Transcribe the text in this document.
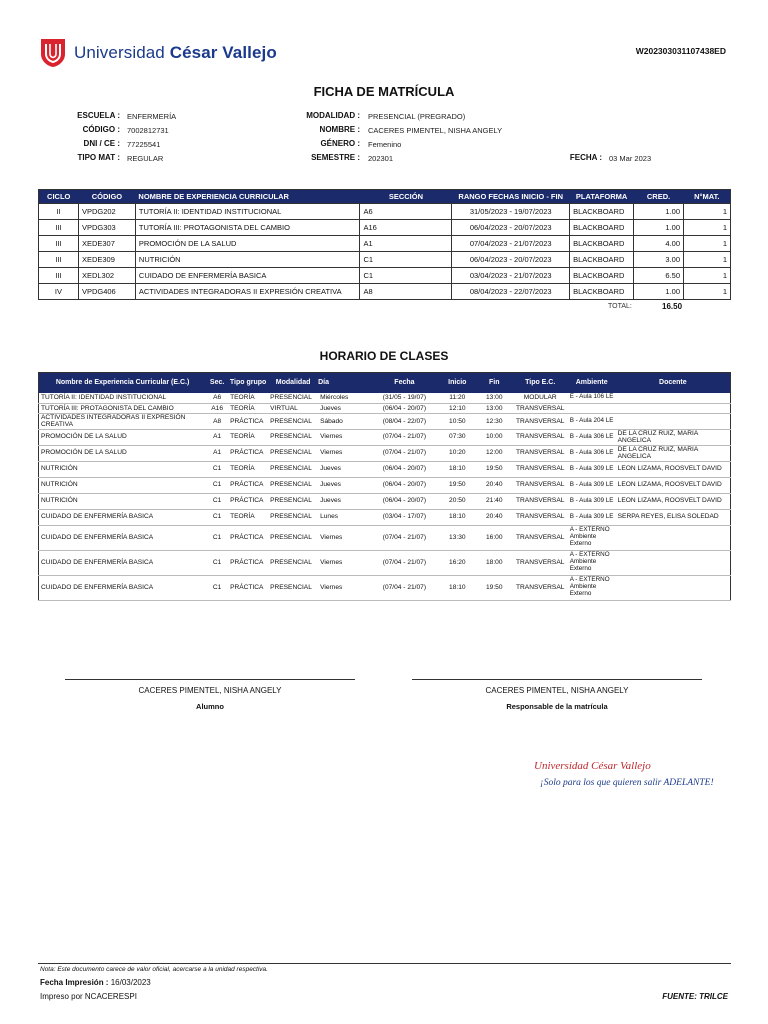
Universidad César Vallejo	W202303031107438ED
FICHA DE MATRÍCULA
ESCUELA : ENFERMERÍA
CÓDIGO : 7002812731
DNI / CE : 77225541
TIPO MAT : REGULAR
MODALIDAD : PRESENCIAL (PREGRADO)
NOMBRE : CACERES PIMENTEL, NISHA ANGELY
GÉNERO : Femenino
SEMESTRE : 202301	FECHA : 03 Mar 2023
CICLO	CÓDIGO	NOMBRE DE EXPERIENCIA CURRICULAR	SECCIÓN	RANGO FECHAS INICIO - FIN	PLATAFORMA	CRED.	N°MAT.
II	VPDG202	TUTORÍA II: IDENTIDAD INSTITUCIONAL	A6	31/05/2023 - 19/07/2023	BLACKBOARD	1.00	1
III	VPDG303	TUTORÍA III: PROTAGONISTA DEL CAMBIO	A16	06/04/2023 - 20/07/2023	BLACKBOARD	1.00	1
III	XEDE307	PROMOCIÓN DE LA SALUD	A1	07/04/2023 - 21/07/2023	BLACKBOARD	4.00	1
III	XEDE309	NUTRICIÓN	C1	06/04/2023 - 20/07/2023	BLACKBOARD	3.00	1
III	XEDL302	CUIDADO DE ENFERMERÍA BASICA	C1	03/04/2023 - 21/07/2023	BLACKBOARD	6.50	1
IV	VPDG406	ACTIVIDADES INTEGRADORAS II EXPRESIÓN CREATIVA	A8	08/04/2023 - 22/07/2023	BLACKBOARD	1.00	1
TOTAL:	16.50
HORARIO DE CLASES
Nombre de Experiencia Curricular (E.C.)	Sec.	Tipo grupo	Modalidad	Día	Fecha	Inicio	Fin	Tipo E.C.	Ambiente	Docente
TUTORÍA II: IDENTIDAD INSTITUCIONAL	A6	TEORÍA	PRESENCIAL	Miércoles	(31/05 - 19/07)	11:20	13:00	MODULAR	E - Aula 106 LE	
TUTORÍA III: PROTAGONISTA DEL CAMBIO	A16	TEORÍA	VIRTUAL	Jueves	(06/04 - 20/07)	12:10	13:00	TRANSVERSAL		
ACTIVIDADES INTEGRADORAS II EXPRESIÓN CREATIVA	A8	PRÁCTICA	PRESENCIAL	Sábado	(08/04 - 22/07)	10:50	12:30	TRANSVERSAL	B - Aula 204 LE	
PROMOCIÓN DE LA SALUD	A1	TEORÍA	PRESENCIAL	Viernes	(07/04 - 21/07)	07:30	10:00	TRANSVERSAL	B - Aula 306 LE	DE LA CRUZ RUIZ, MARIA ANGELICA
PROMOCIÓN DE LA SALUD	A1	PRÁCTICA	PRESENCIAL	Viernes	(07/04 - 21/07)	10:20	12:00	TRANSVERSAL	B - Aula 306 LE	DE LA CRUZ RUIZ, MARIA ANGELICA
NUTRICIÓN	C1	TEORÍA	PRESENCIAL	Jueves	(06/04 - 20/07)	18:10	19:50	TRANSVERSAL	B - Aula 309 LE	LEON LIZAMA, ROOSVELT DAVID
NUTRICIÓN	C1	PRÁCTICA	PRESENCIAL	Jueves	(06/04 - 20/07)	19:50	20:40	TRANSVERSAL	B - Aula 309 LE	LEON LIZAMA, ROOSVELT DAVID
NUTRICIÓN	C1	PRÁCTICA	PRESENCIAL	Jueves	(06/04 - 20/07)	20:50	21:40	TRANSVERSAL	B - Aula 309 LE	LEON LIZAMA, ROOSVELT DAVID
CUIDADO DE ENFERMERÍA BASICA	C1	TEORÍA	PRESENCIAL	Lunes	(03/04 - 17/07)	18:10	20:40	TRANSVERSAL	B - Aula 309 LE	SERPA REYES, ELISA SOLEDAD
CUIDADO DE ENFERMERÍA BASICA	C1	PRÁCTICA	PRESENCIAL	Viernes	(07/04 - 21/07)	13:30	16:00	TRANSVERSAL	A - EXTERNO Ambiente Externo	
CUIDADO DE ENFERMERÍA BASICA	C1	PRÁCTICA	PRESENCIAL	Viernes	(07/04 - 21/07)	16:20	18:00	TRANSVERSAL	A - EXTERNO Ambiente Externo	
CUIDADO DE ENFERMERÍA BASICA	C1	PRÁCTICA	PRESENCIAL	Viernes	(07/04 - 21/07)	18:10	19:50	TRANSVERSAL	A - EXTERNO Ambiente Externo	
CACERES PIMENTEL, NISHA ANGELY
Alumno
CACERES PIMENTEL, NISHA ANGELY
Responsable de la matrícula
Universidad César Vallejo
¡Solo para los que quieren salir ADELANTE!
Nota: Este documento carece de valor oficial, acercarse a la unidad respectiva.
Fecha Impresión : 16/03/2023
Impreso por NCACERESPI	FUENTE: TRILCE
